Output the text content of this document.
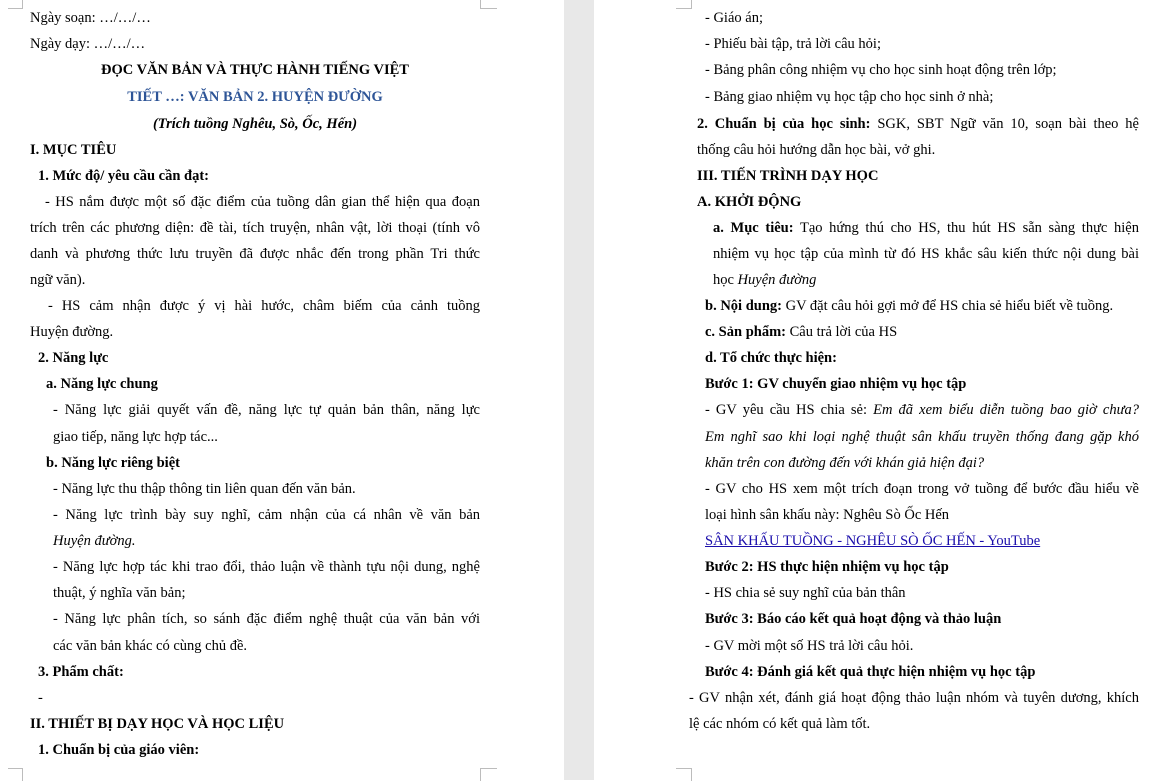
Ngày soạn: …/…/…
Ngày dạy: …/…/…
ĐỌC VĂN BẢN VÀ THỰC HÀNH TIẾNG VIỆT
TIẾT …: VĂN BẢN 2. HUYỆN ĐƯỜNG
(Trích tuồng Nghêu, Sò, Ốc, Hến)
I. MỤC TIÊU
1. Mức độ/ yêu cầu cần đạt:
- HS nắm được một số đặc điểm của tuồng dân gian thể hiện qua đoạn
trích trên các phương diện: đề tài, tích truyện, nhân vật, lời thoại (tính vô
danh và phương thức lưu truyền đã được nhắc đến trong phần Tri thức
ngữ văn).
- HS cảm nhận được ý vị hài hước, châm biếm của cảnh tuồng
Huyện đường.
2. Năng lực
a. Năng lực chung
- Năng lực giải quyết vấn đề, năng lực tự quản bản thân, năng lực
giao tiếp, năng lực hợp tác...
b. Năng lực riêng biệt
- Năng lực thu thập thông tin liên quan đến văn bản.
- Năng lực trình bày suy nghĩ, cảm nhận của cá nhân về văn bản
Huyện đường.
- Năng lực hợp tác khi trao đổi, thảo luận về thành tựu nội dung, nghệ
thuật, ý nghĩa văn bản;
- Năng lực phân tích, so sánh đặc điểm nghệ thuật của văn bản với
các văn bản khác có cùng chủ đề.
3. Phẩm chất:
-
II. THIẾT BỊ DẠY HỌC VÀ HỌC LIỆU
1. Chuẩn bị của giáo viên:
- Giáo án;
- Phiếu bài tập, trả lời câu hỏi;
- Bảng phân công nhiệm vụ cho học sinh hoạt động trên lớp;
- Bảng giao nhiệm vụ học tập cho học sinh ở nhà;
2. Chuẩn bị của học sinh: SGK, SBT Ngữ văn 10, soạn bài theo hệ
thống câu hỏi hướng dẫn học bài, vở ghi.
III. TIẾN TRÌNH DẠY HỌC
A. KHỞI ĐỘNG
a. Mục tiêu: Tạo hứng thú cho HS, thu hút HS sẵn sàng thực hiện
nhiệm vụ học tập của mình từ đó HS khắc sâu kiến thức nội dung bài
học Huyện đường
b. Nội dung: GV đặt câu hỏi gợi mở để HS chia sẻ hiểu biết về tuồng.
c. Sản phẩm: Câu trả lời của HS
d. Tổ chức thực hiện:
Bước 1: GV chuyển giao nhiệm vụ học tập
- GV yêu cầu HS chia sẻ: Em đã xem biểu diễn tuồng bao giờ chưa?
Em nghĩ sao khi loại nghệ thuật sân khấu truyền thống đang gặp khó
khăn trên con đường đến với khán giả hiện đại?
- GV cho HS xem một trích đoạn trong vở tuồng để bước đầu hiểu về
loại hình sân khấu này: Nghêu Sò Ốc Hến
SÂN KHẤU TUỒNG - NGHÊU SÒ ỐC HẾN - YouTube
Bước 2: HS thực hiện nhiệm vụ học tập
- HS chia sẻ suy nghĩ của bản thân
Bước 3: Báo cáo kết quả hoạt động và thảo luận
- GV mời một số HS trả lời câu hỏi.
Bước 4: Đánh giá kết quả thực hiện nhiệm vụ học tập
- GV nhận xét, đánh giá hoạt động thảo luận nhóm và tuyên dương, khích
lệ các nhóm có kết quả làm tốt.
